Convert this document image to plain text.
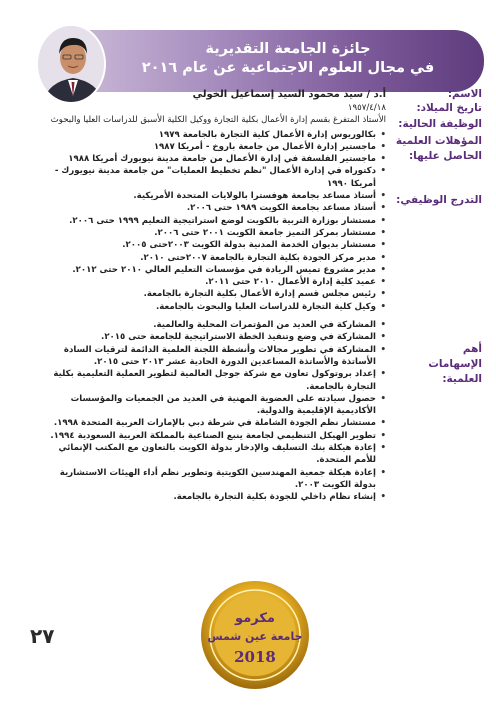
جائزة الجامعة التقديرية
في مجال العلوم الاجتماعية عن عام ٢٠١٦
الاسم:
تاريخ الميلاد:
الوظيفة الحالية:
المؤهلات العلمية الحاصل عليها:
التدرج الوظيفي:
أهم الإسهامات العلمية:
أ.د / سيد محمود السيد إسماعيل الخولي
١٩٥٧/٤/١٨
الأستاذ المتفرغ بقسم إدارة الأعمال بكلية التجارة ووكيل الكلية الأسبق للدراسات العليا والبحوث
• بكالوريوس إدارة الأعمال كلية التجارة بالجامعة ١٩٧٩
• ماجستير إدارة الأعمال من جامعة باروخ - أمريكا ١٩٨٧
• ماجستير الفلسفة في إدارة الأعمال من جامعة مدينة نيويورك أمريكا ١٩٨٨
• دكتوراه في إدارة الأعمال "نظم تخطيط العمليات" من جامعة مدينة نيويورك - أمريكا ١٩٩٠
• أستاذ مساعد بجامعة هوفسترا بالولايات المتحدة الأمريكية.
• أستاذ مساعد بجامعة الكويت ١٩٨٩ حتى ٢٠٠٦.
• مستشار بوزارة التربية بالكويت لوضع استراتيجية التعليم ١٩٩٩ حتى ٢٠٠٦.
• مستشار بمركز التميز جامعة الكويت ٢٠٠١ حتى ٢٠٠٦.
• مستشار بديوان الخدمة المدنية بدولة الكويت ٢٠٠٣حتى ٢٠٠٥.
• مدير مركز الجودة بكلية التجارة بالجامعة ٢٠٠٧حتى ٢٠١٠.
• مدير مشروع تميس الريادة في مؤسسات التعليم العالي ٢٠١٠ حتى ٢٠١٢.
• عميد كلية إدارة الأعمال ٢٠١٠ حتى ٢٠١١.
• رئيس مجلس قسم إدارة الأعمال بكلية التجارة بالجامعة.
• وكيل كلية التجارة للدراسات العليا والبحوث بالجامعة.
• المشاركة في العديد من المؤتمرات المحلية والعالمية.
• المشاركة في وضع وتنفيذ الخطة الاستراتيجية للجامعة حتى ٢٠١٥.
• المشاركة في تطوير مجالات وأنشطة اللجنة العلمية الدائمة لترقيات السادة الأساتذة والأساتذة المساعدين الدورة الحادية عشر ٢٠١٣ حتى ٢٠١٥.
• إعداد بروتوكول تعاون مع شركة جوجل العالمية لتطوير العملية التعليمية بكلية التجارة بالجامعة.
• حصول سيادته على العضوية المهنية في العديد من الجمعيات والمؤسسات الأكاديمية الإقليمية والدولية.
• مستشار نظم الجودة الشاملة في شرطة دبي بالإمارات العربية المتحدة ١٩٩٨.
• تطوير الهيكل التنظيمي لجامعة ينبع الصناعية بالمملكة العربية السعودية ١٩٩٤.
• إعادة هيكلة بنك التسليف والإدخار بدولة الكويت بالتعاون مع المكتب الإنمائي للأمم المتحدة.
• إعادة هيكلة جمعية المهندسين الكويتية وتطوير نظم أداء الهيئات الاستشارية بدولة الكويت ٢٠٠٣.
• إنشاء نظام داخلي للجودة بكلية التجارة بالجامعة.
٢٧
مكرمو
جامعة عين شمس
2018
